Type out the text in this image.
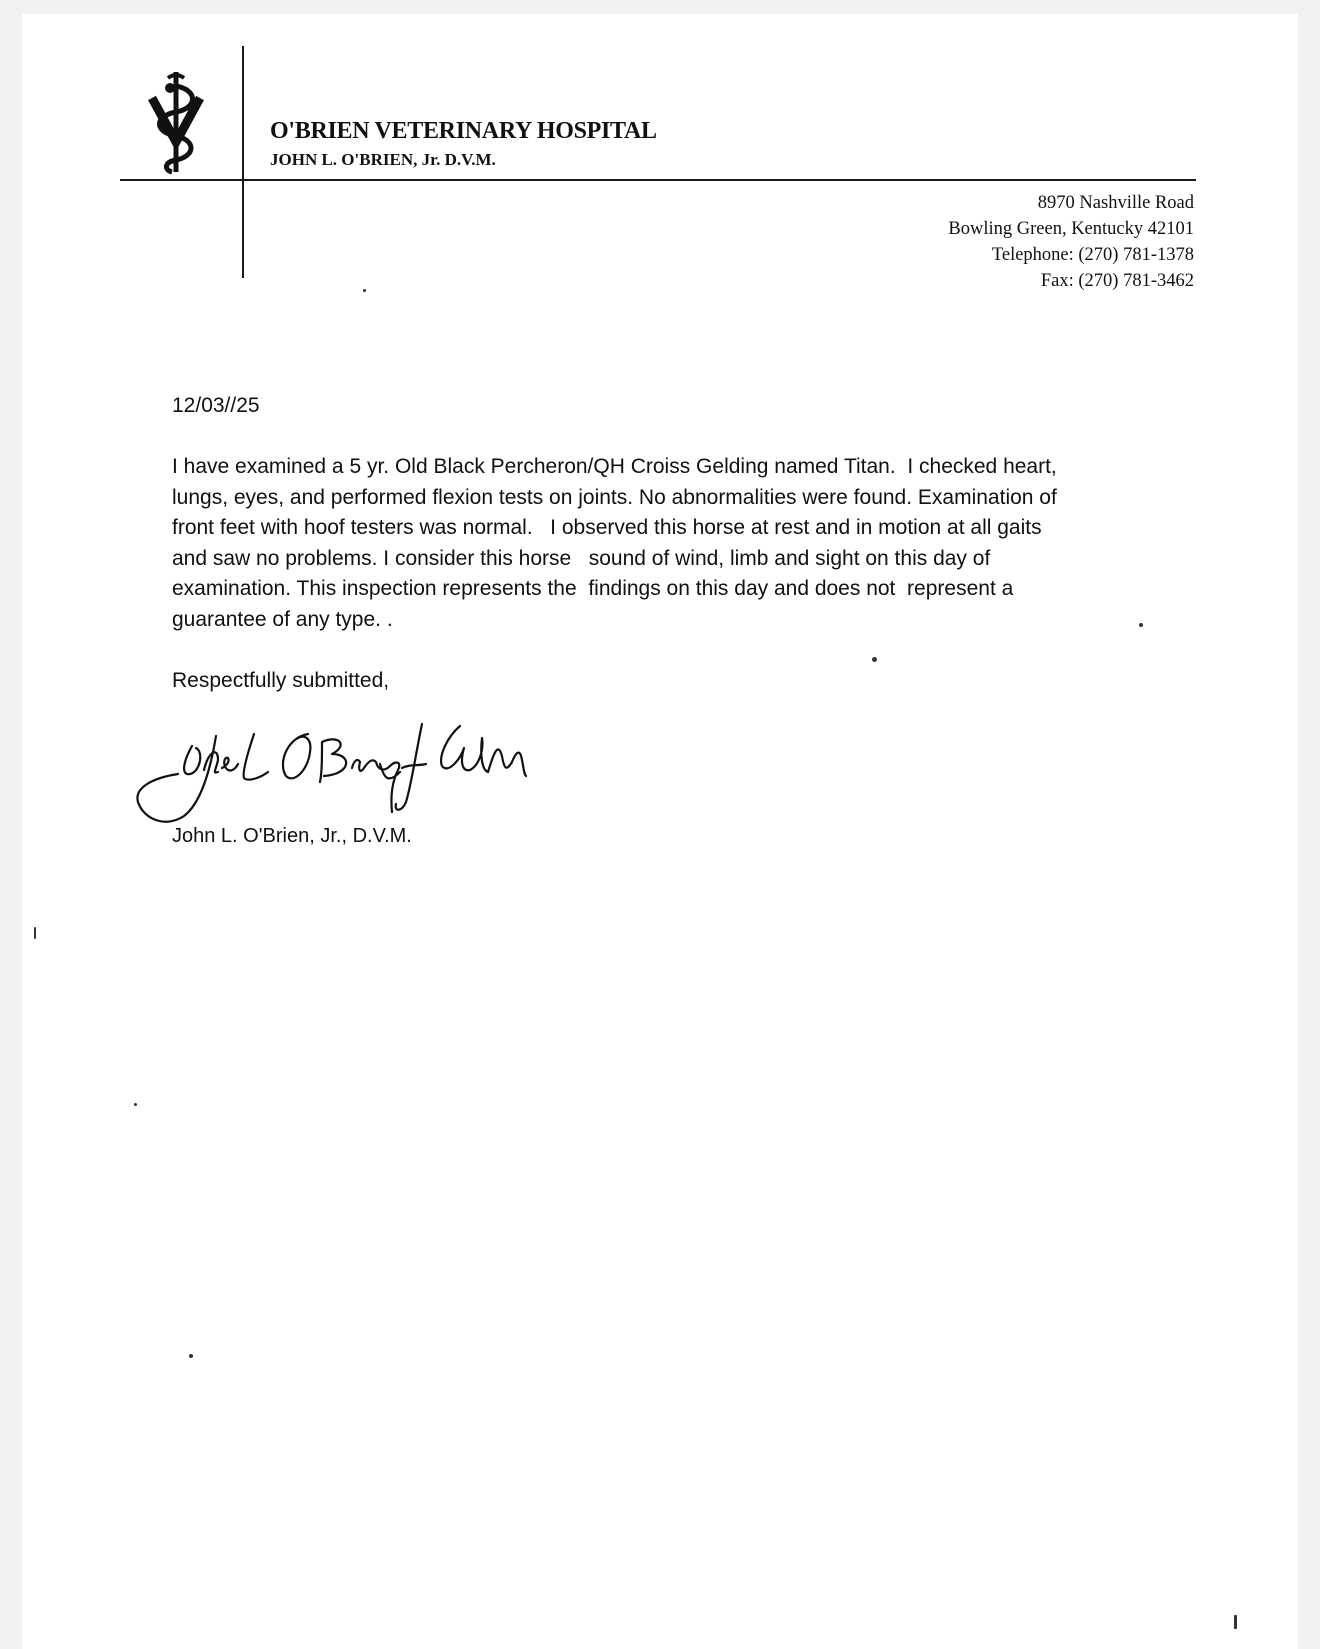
O'BRIEN VETERINARY HOSPITAL
JOHN L. O'BRIEN, Jr. D.V.M.
8970 Nashville Road
Bowling Green, Kentucky 42101
Telephone: (270) 781-1378
Fax: (270) 781-3462
12/03//25
I have examined a 5 yr. Old Black Percheron/QH Croiss Gelding named Titan.  I checked heart,
lungs, eyes, and performed flexion tests on joints. No abnormalities were found. Examination of
front feet with hoof testers was normal.   I observed this horse at rest and in motion at all gaits
and saw no problems. I consider this horse   sound of wind, limb and sight on this day of
examination. This inspection represents the  findings on this day and does not  represent a
guarantee of any type. .
Respectfully submitted,
John L. O'Brien, Jr., D.V.M.
